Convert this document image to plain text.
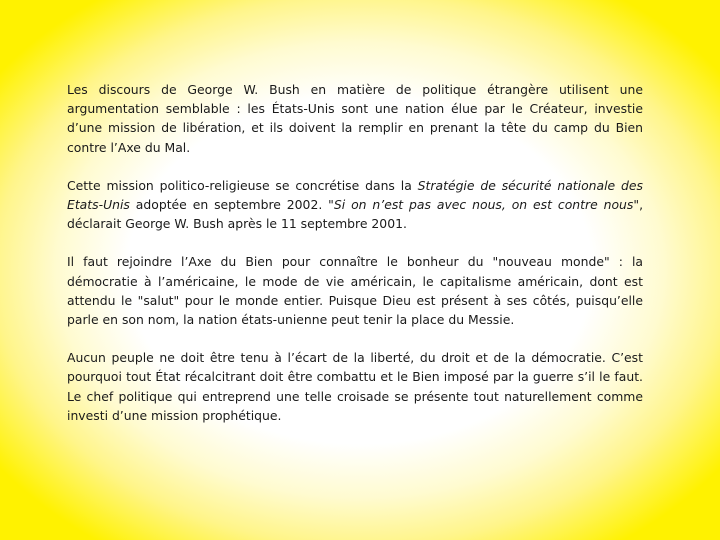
Les discours de George W. Bush en matière de politique étrangère utilisent une argumentation semblable : les États-Unis sont une nation élue par le Créateur, investie d’une mission de libération, et ils doivent la remplir en prenant la tête du camp du Bien contre l’Axe du Mal.

Cette mission politico-religieuse se concrétise dans la Stratégie de sécurité nationale des Etats-Unis adoptée en septembre 2002. "Si on n’est pas avec nous, on est contre nous", déclarait George W. Bush après le 11 septembre 2001.

Il faut rejoindre l’Axe du Bien pour connaître le bonheur du "nouveau monde" : la démocratie à l’américaine, le mode de vie américain, le capitalisme américain, dont est attendu le "salut" pour le monde entier. Puisque Dieu est présent à ses côtés, puisqu’elle parle en son nom, la nation états-unienne peut tenir la place du Messie.

Aucun peuple ne doit être tenu à l’écart de la liberté, du droit et de la démocratie. C’est pourquoi tout État récalcitrant doit être combattu et le Bien imposé par la guerre s’il le faut. Le chef politique qui entreprend une telle croisade se présente tout naturellement comme investi d’une mission prophétique.
